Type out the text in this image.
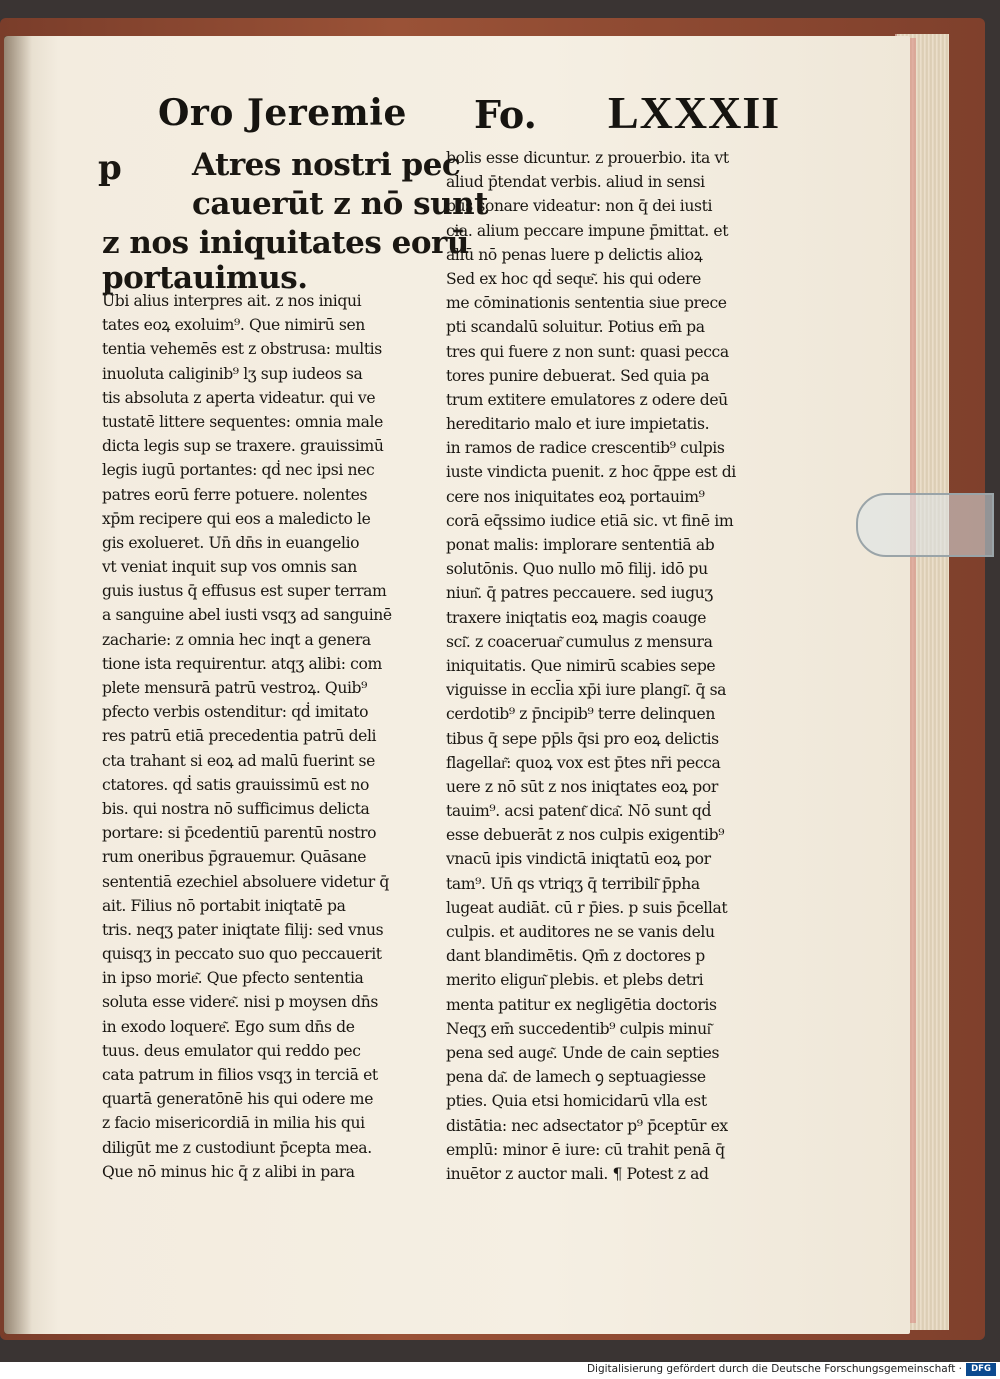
Oro Jeremie Fo. LXXXII
p	Atres nostri pec
cauerūt z nō sunt
z nos iniquitates eorū
portauimus.
Ubi alius interpres ait. z nos iniqui
tates eoꝝ exoluim⁹. Que nimirū sen
tentia vehemēs est z obstrusa: multis
inuoluta caliginib⁹ lʒ sup iudeos sa
tis absoluta z aperta videatur. qui ve
tustatē littere sequentes: omnia male
dicta legis sup se traxere. grauissimū
legis iugū portantes: qḋ nec ipsi nec
patres eorū ferre potuere. nolentes
xp̄m recipere qui eos a maledicto le
gis exolueret. Un̄ dn̄s in euangelio
vt veniat inquit sup vos omnis san
guis iustus q̄ effusus est super terram
a sanguine abel iusti vsqʒ ad sanguinē
zacharie: z omnia hec inqt a genera
tione ista requirentur. atqʒ alibi: com
plete mensurā patrū vestroꝝ. Quib⁹
pfecto verbis ostenditur: qḋ imitato
res patrū etiā precedentia patrū deli
cta trahant si eoꝝ ad malū fuerint se
ctatores. qḋ satis grauissimū est no
bis. qui nostra nō sufficimus delicta
portare: si p̄cedentiū parentū nostro
rum oneribus p̄grauemur. Quāsane
sententiā ezechiel absoluere videtur q̄
ait. Filius nō portabit iniqtatē pa
tris. neqʒ pater iniqtate filij: sed vnus
quisqʒ in peccato suo quo peccauerit
in ipso morie͂. Que pfecto sententia
soluta esse videre͂. nisi p moysen dn̄s
in exodo loquere͂. Ego sum dn̄s de
tuus. deus emulator qui reddo pec
cata patrum in filios vsqʒ in terciā et
quartā generatōnē his qui odere me
z facio misericordiā in milia his qui
diligūt me z custodiunt p̄cepta mea.
Que nō minus hic q̄ z alibi in para
bolis esse dicuntur. z prouerbio. ita vt
aliud p̄tendat verbis. aliud in sensi
bus sonare videatur: non q̄ dei iusti
cia. alium peccare impune p̄mittat. et
aliū nō penas luere p delictis alioꝝ
Sed ex hoc qḋ seqᵫ͂. his qui odere
me cōminationis sententia siue prece
pti scandalū soluitur. Potius em̄ pa
tres qui fuere z non sunt: quasi pecca
tores punire debuerat. Sed quia pa
trum extitere emulatores z odere deū
hereditario malo et iure impietatis.
in ramos de radice crescentib⁹ culpis
iuste vindicta puenit. z hoc q̄ppe est di
cere nos iniquitates eoꝝ portauim⁹
corā eq̄ssimo iudice etiā sic. vt finē im
ponat malis: implorare sententiā ab
solutōnis. Quo nullo mō filij. idō pu
niun͂. q̄ patres peccauere. sed iuguʒ
traxere iniqtatis eoꝝ magis coauge
sci͂. z coaceruar͂ cumulus z mensura
iniquitatis. Que nimirū scabies sepe
viguisse in eccl̄ia xp̄i iure plangi͂. q̄ sa
cerdotib⁹ z p̄ncipib⁹ terre delinquen
tibus q̄ sepe pp̄ls q̄si pro eoꝝ delictis
flagellar͂: quoꝝ vox est p̄tes nr̄i pecca
uere z nō sūt z nos iniqtates eoꝝ por
tauim⁹. acsi patent͂ dica͂. Nō sunt qḋ
esse debuerāt z nos culpis exigentib⁹
vnacū ipis vindictā iniqtatū eoꝝ por
tam⁹. Un̄ qs vtriqʒ q̄ terribili͂ p̄pha
lugeat audiāt. cū r p̄ies. p suis p̄cellat
culpis. et auditores ne se vanis delu
dant blandimētis. Qm̄ z doctores p
merito eligun͂ plebis. et plebs detri
menta patitur ex negligētia doctoris
Neqʒ em̄ succedentib⁹ culpis minui͂
pena sed auge͂. Unde de cain septies
pena da͂. de lamech ꝯ septuagiesse
pties. Quia etsi homicidarū vlla est
distātia: nec adsectator p⁹ p̄ceptūr ex
emplū: minor ē iure: cū trahit penā q̄
inuētor z auctor mali. ¶ Potest z ad
Digitalisierung gefördert durch die Deutsche Forschungsgemeinschaft ·	DFG
